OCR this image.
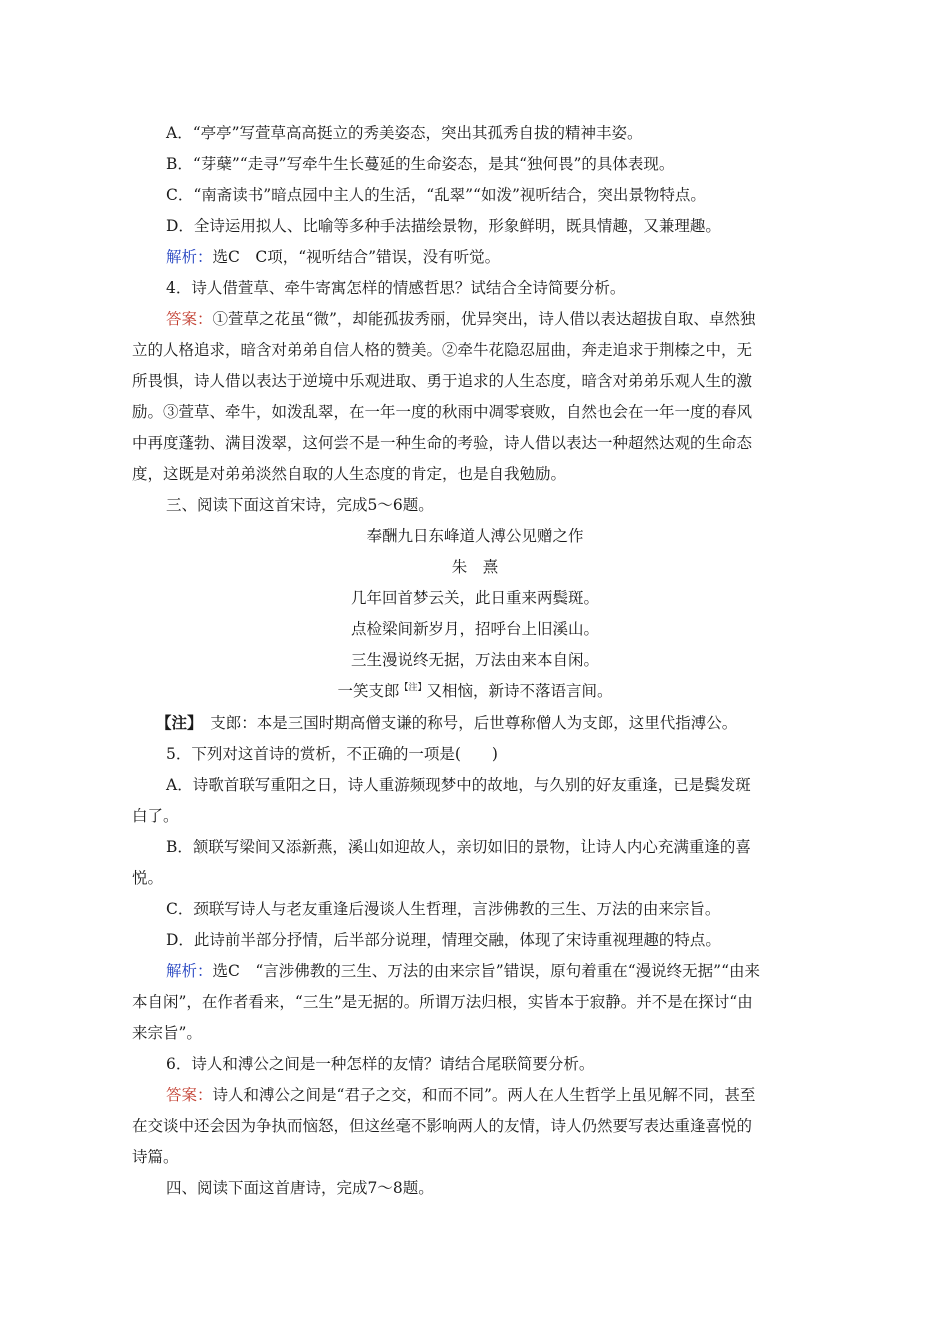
A．“亭亭”写萱草高高挺立的秀美姿态，突出其孤秀自拔的精神丰姿。

B．“芽蘖”“走寻”写牵牛生长蔓延的生命姿态，是其“独何畏”的具体表现。

C．“南斋读书”暗点园中主人的生活，“乱翠”“如泼”视听结合，突出景物特点。

D．全诗运用拟人、比喻等多种手法描绘景物，形象鲜明，既具情趣，又兼理趣。

解析：选C　C项，“视听结合”错误，没有听觉。

4．诗人借萱草、牵牛寄寓怎样的情感哲思？试结合全诗简要分析。

答案：①萱草之花虽“微”，却能孤拔秀丽，优异突出，诗人借以表达超拔自取、卓然独

立的人格追求，暗含对弟弟自信人格的赞美。②牵牛花隐忍屈曲，奔走追求于荆榛之中，无

所畏惧，诗人借以表达于逆境中乐观进取、勇于追求的人生态度，暗含对弟弟乐观人生的激

励。③萱草、牵牛，如泼乱翠，在一年一度的秋雨中凋零衰败，自然也会在一年一度的春风

中再度蓬勃、满目泼翠，这何尝不是一种生命的考验，诗人借以表达一种超然达观的生命态

度，这既是对弟弟淡然自取的人生态度的肯定，也是自我勉励。

三、阅读下面这首宋诗，完成5～6题。

奉酬九日东峰道人溥公见赠之作

朱　熹

几年回首梦云关，此日重来两鬓斑。

点检梁间新岁月，招呼台上旧溪山。

三生漫说终无据，万法由来本自闲。

一笑支郎$^{【注】}$又相恼，新诗不落语言间。

【注】　支郎：本是三国时期高僧支谦的称号，后世尊称僧人为支郎，这里代指溥公。

5．下列对这首诗的赏析，不正确的一项是(　　)

A．诗歌首联写重阳之日，诗人重游频现梦中的故地，与久别的好友重逢，已是鬓发斑

白了。

B．颔联写梁间又添新燕，溪山如迎故人，亲切如旧的景物，让诗人内心充满重逢的喜

悦。

C．颈联写诗人与老友重逢后漫谈人生哲理，言涉佛教的三生、万法的由来宗旨。

D．此诗前半部分抒情，后半部分说理，情理交融，体现了宋诗重视理趣的特点。

解析：选C　“言涉佛教的三生、万法的由来宗旨”错误，原句着重在“漫说终无据”“由来

本自闲”，在作者看来，“三生”是无据的。所谓万法归根，实皆本于寂静。并不是在探讨“由

来宗旨”。

6．诗人和溥公之间是一种怎样的友情？请结合尾联简要分析。

答案：诗人和溥公之间是“君子之交，和而不同”。两人在人生哲学上虽见解不同，甚至

在交谈中还会因为争执而恼怒，但这丝毫不影响两人的友情，诗人仍然要写表达重逢喜悦的

诗篇。

四、阅读下面这首唐诗，完成7～8题。
